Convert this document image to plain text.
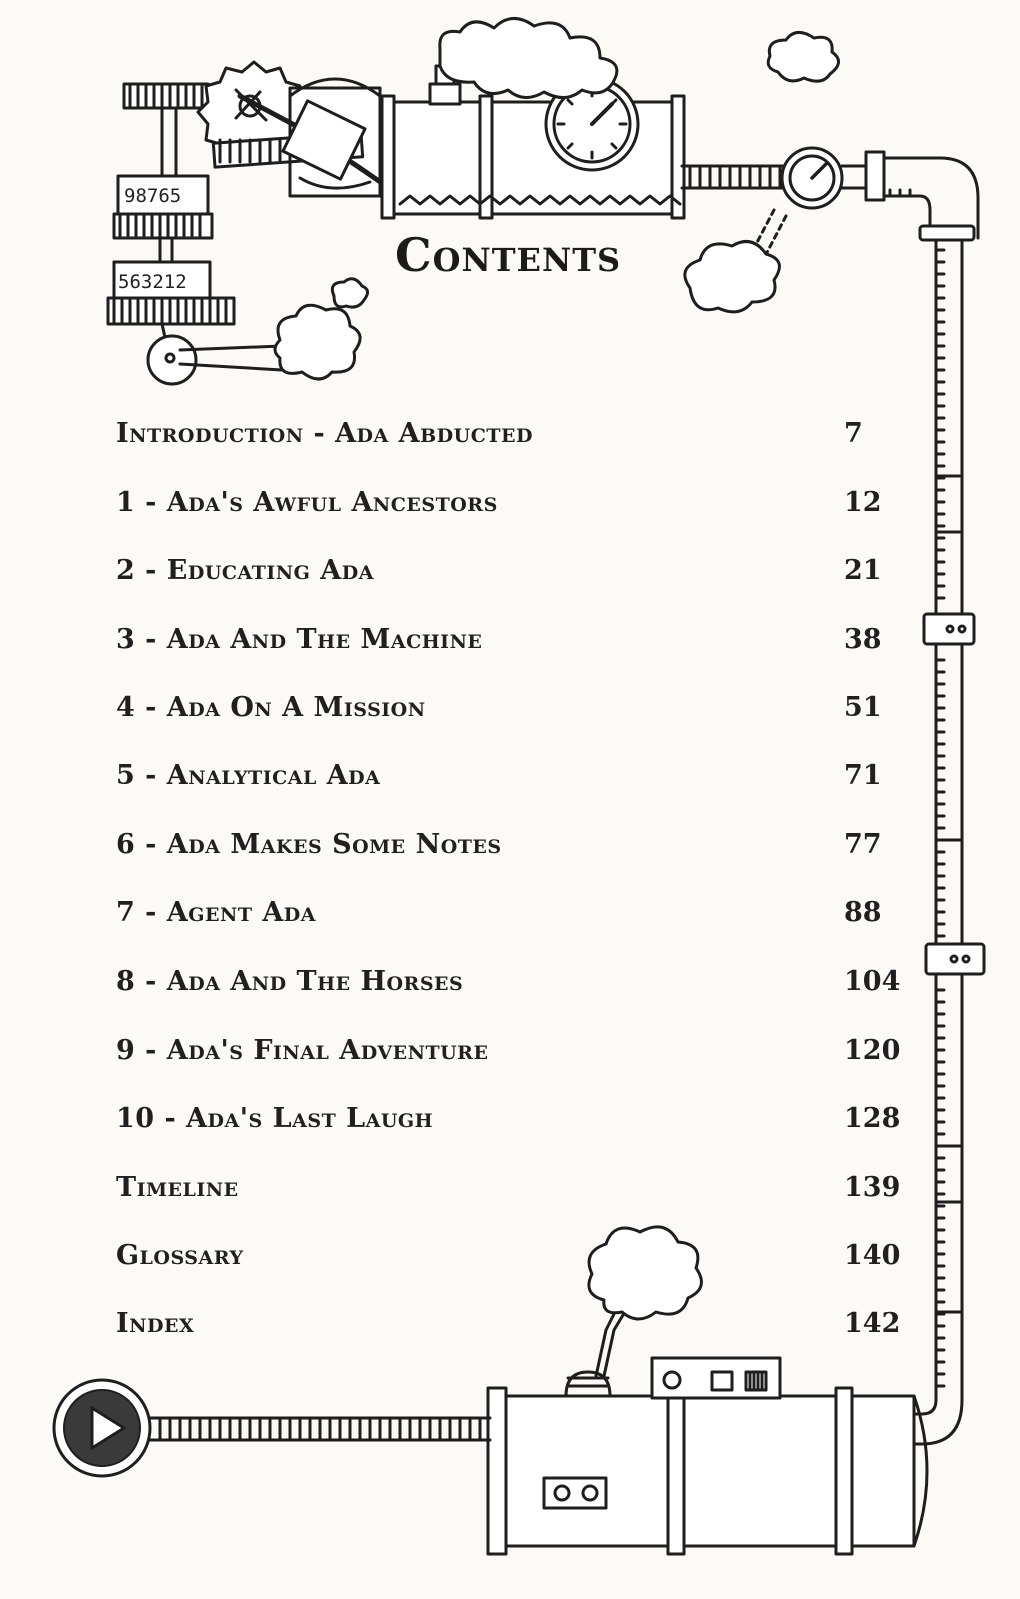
98765
563212	Contents
Introduction - Ada Abducted	7
1 - Ada's Awful Ancestors	12
2 - Educating Ada	21
3 - Ada And The Machine	38
4 - Ada On A Mission	51
5 - Analytical Ada	71
6 - Ada Makes Some Notes	77
7 - Agent Ada	88
8 - Ada And The Horses	104
9 - Ada's Final Adventure	120
10 - Ada's Last Laugh	128
Timeline	139
Glossary	140
Index	142
